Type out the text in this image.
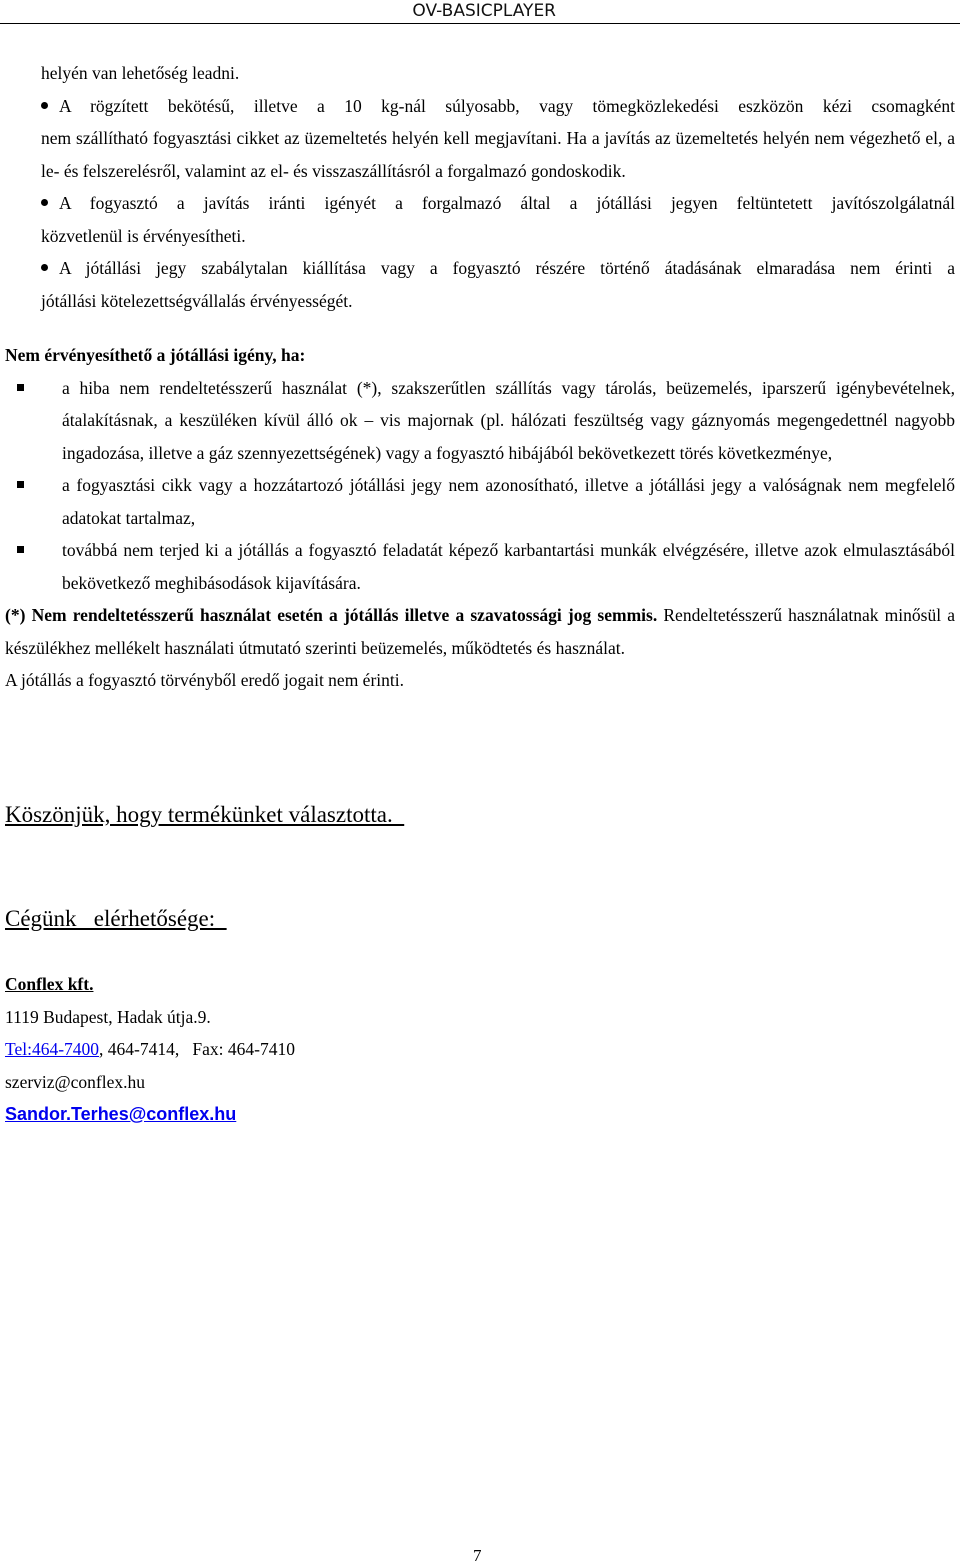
OV-BASICPLAYER

helyén van lehetőség leadni.

A rögzített bekötésű, illetve a 10 kg-nál súlyosabb, vagy tömegközlekedési eszközön kézi csomagként

nem szállítható fogyasztási cikket az üzemeltetés helyén kell megjavítani. Ha a javítás az üzemeltetés helyén nem végezhető el, a le- és felszerelésről, valamint az el- és visszaszállításról a forgalmazó gondoskodik.

A fogyasztó a javítás iránti igényét a forgalmazó által a jótállási jegyen feltüntetett javítószolgálatnál

közvetlenül is érvényesítheti.

A jótállási jegy szabálytalan kiállítása vagy a fogyasztó részére történő átadásának elmaradása nem érinti a

jótállási kötelezettségvállalás érvényességét.

Nem érvényesíthető a jótállási igény, ha:

a hiba nem rendeltetésszerű használat (*), szakszerűtlen szállítás vagy tárolás, beüzemelés, iparszerű igénybevételnek, átalakításnak, a keszüléken kívül álló ok – vis majornak (pl. hálózati feszültség vagy gáznyomás megengedettnél nagyobb ingadozása, illetve a gáz szennyezettségének) vagy a fogyasztó hibájából bekövetkezett törés következménye,

a fogyasztási cikk vagy a hozzátartozó jótállási jegy nem azonosítható, illetve a jótállási jegy a valóságnak nem megfelelő adatokat tartalmaz,

továbbá nem terjed ki a jótállás a fogyasztó feladatát képező karbantartási munkák elvégzésére, illetve azok elmulasztásából bekövetkező meghibásodások kijavítására.

(*) Nem rendeltetésszerű használat esetén a jótállás illetve a szavatossági jog semmis. Rendeltetésszerű használatnak minősül a készülékhez mellékelt használati útmutató szerinti beüzemelés, működtetés és használat.

A jótállás a fogyasztó törvényből eredő jogait nem érinti.

Köszönjük, hogy termékünket választotta.
Cégünk   elérhetősége:

Conflex kft.

1119 Budapest, Hadak útja.9.

Tel:464-7400, 464-7414,   Fax: 464-7410

szerviz@conflex.hu

Sandor.Terhes@conflex.hu

7
